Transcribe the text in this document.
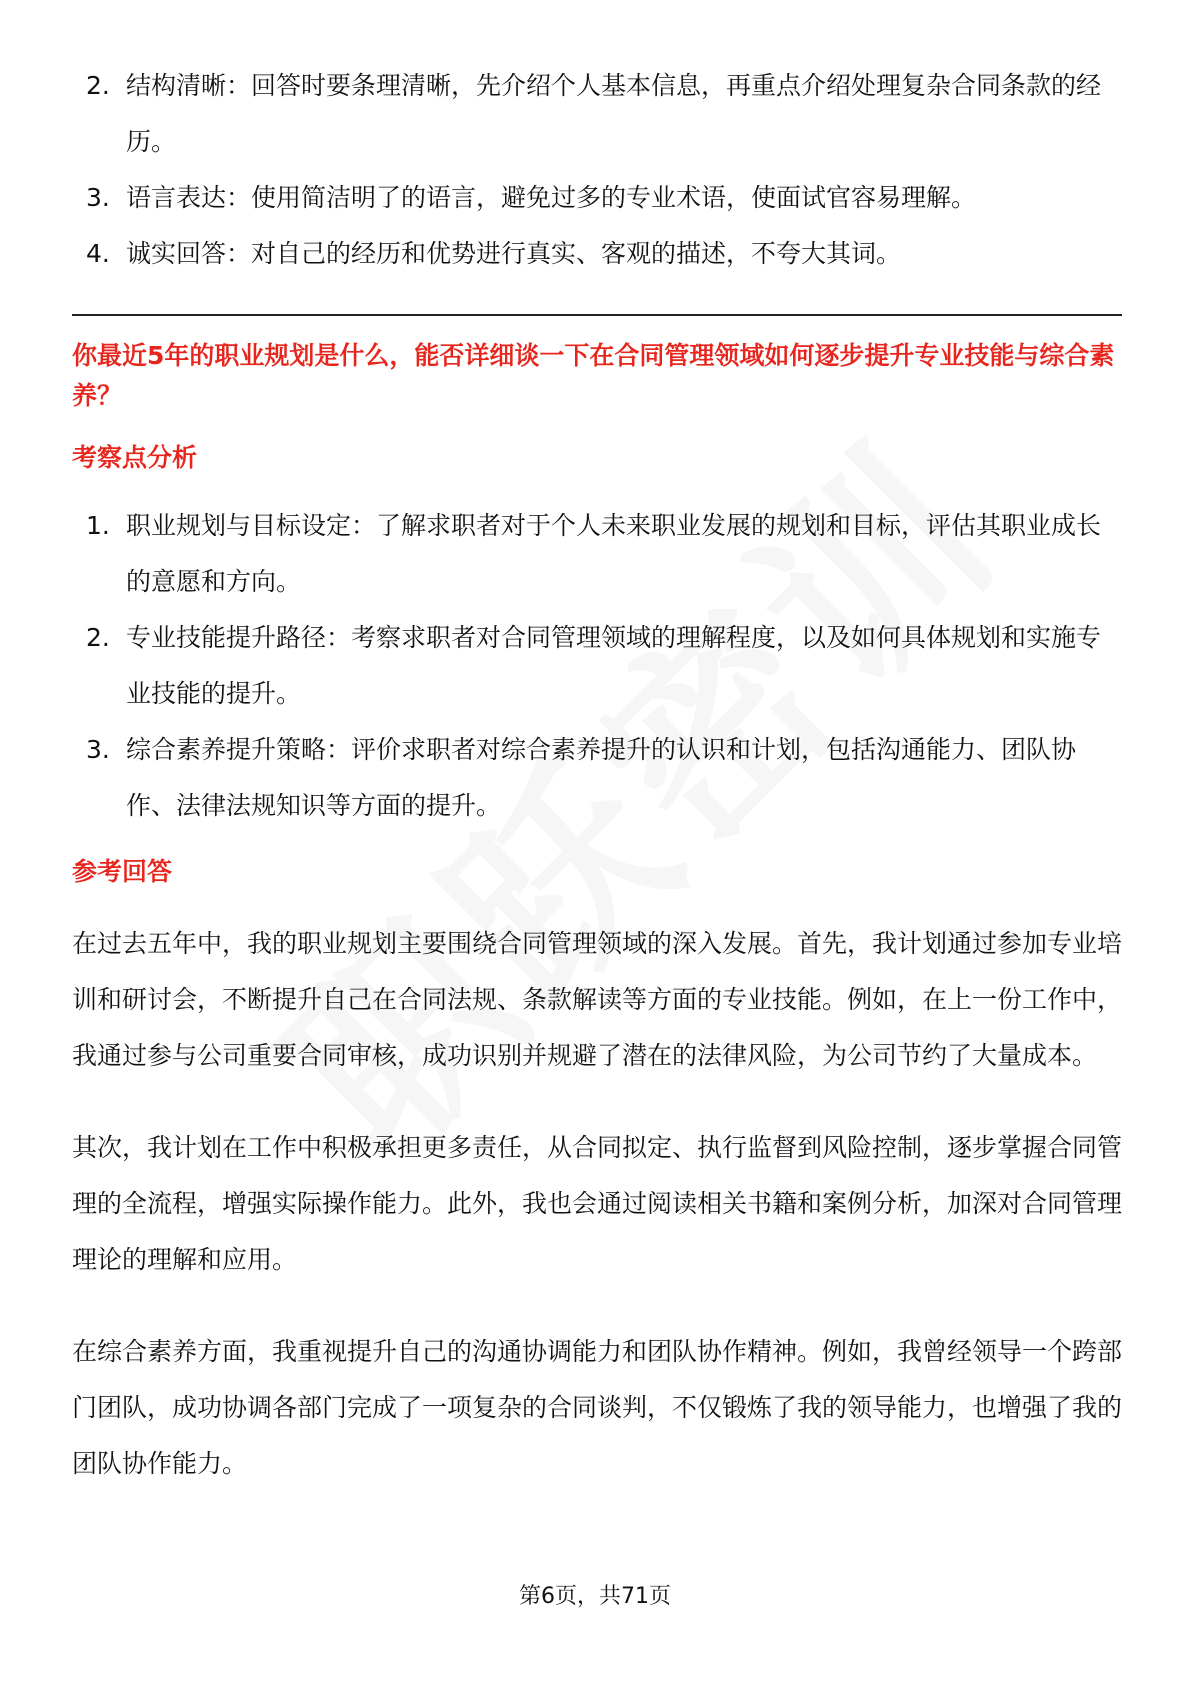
2. 结构清晰：回答时要条理清晰，先介绍个人基本信息，再重点介绍处理复杂合同条款的经历。
3. 语言表达：使用简洁明了的语言，避免过多的专业术语，使面试官容易理解。
4. 诚实回答：对自己的经历和优势进行真实、客观的描述，不夸大其词。
你最近5年的职业规划是什么，能否详细谈一下在合同管理领域如何逐步提升专业技能与综合素养？
考察点分析
1. 职业规划与目标设定：了解求职者对于个人未来职业发展的规划和目标，评估其职业成长的意愿和方向。
2. 专业技能提升路径：考察求职者对合同管理领域的理解程度，以及如何具体规划和实施专业技能的提升。
3. 综合素养提升策略：评价求职者对综合素养提升的认识和计划，包括沟通能力、团队协作、法律法规知识等方面的提升。
参考回答

在过去五年中，我的职业规划主要围绕合同管理领域的深入发展。首先，我计划通过参加专业培训和研讨会，不断提升自己在合同法规、条款解读等方面的专业技能。例如，在上一份工作中，我通过参与公司重要合同审核，成功识别并规避了潜在的法律风险，为公司节约了大量成本。

其次，我计划在工作中积极承担更多责任，从合同拟定、执行监督到风险控制，逐步掌握合同管理的全流程，增强实际操作能力。此外，我也会通过阅读相关书籍和案例分析，加深对合同管理理论的理解和应用。

在综合素养方面，我重视提升自己的沟通协调能力和团队协作精神。例如，我曾经领导一个跨部门团队，成功协调各部门完成了一项复杂的合同谈判，不仅锻炼了我的领导能力，也增强了我的团队协作能力。

第6页，共71页
